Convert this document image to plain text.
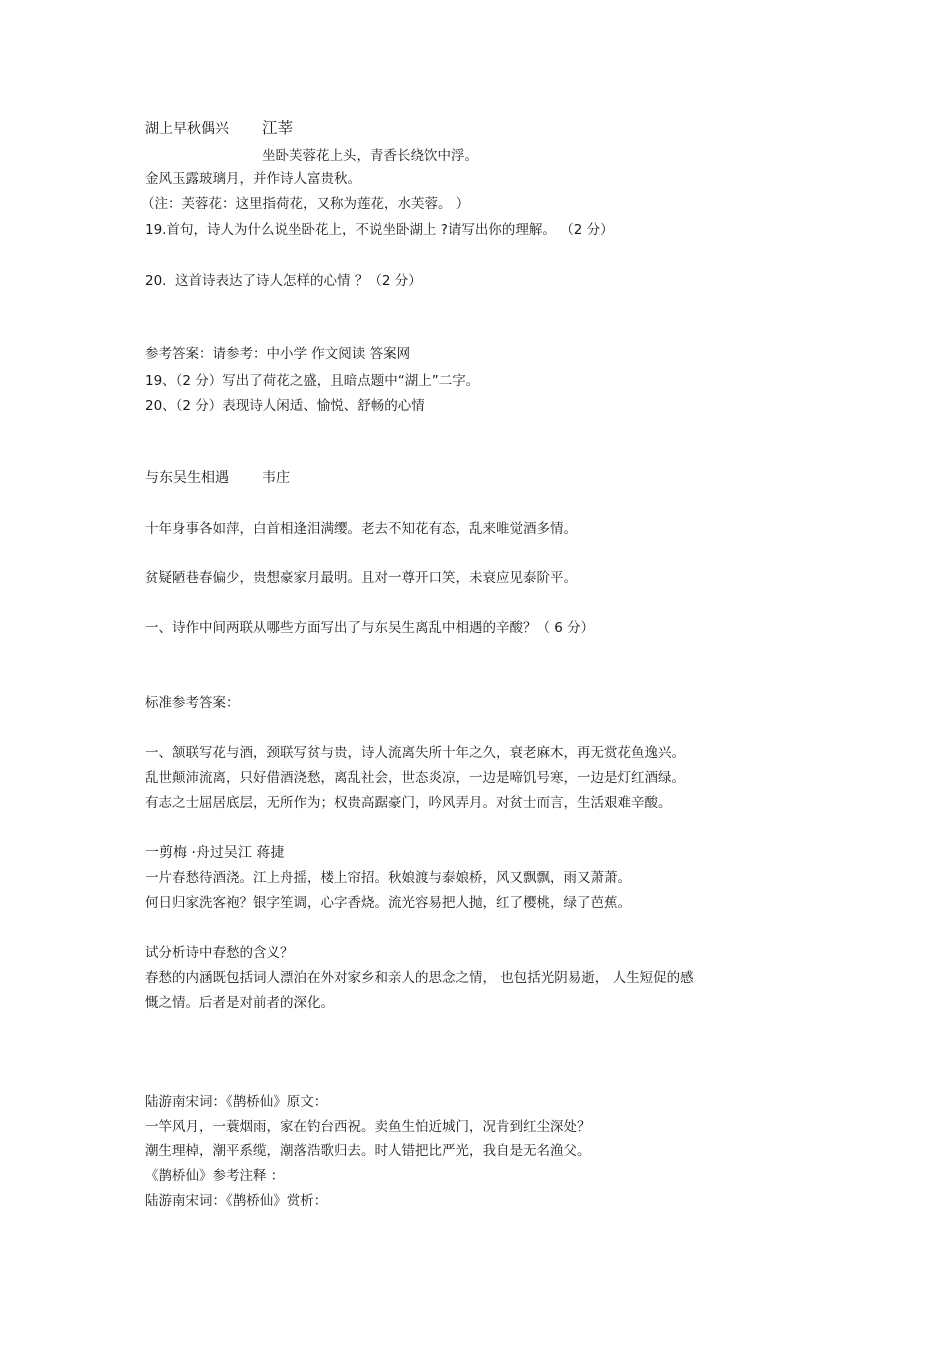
湖上早秋偶兴 江莘

坐卧芙蓉花上头，青香长绕饮中浮。

金风玉露玻璃月，并作诗人富贵秋。

（注：芙蓉花：这里指荷花，又称为莲花，水芙蓉。 ）

19.首句，诗人为什么说坐卧花上，不说坐卧湖上 ?请写出你的理解。 （2 分）

20.  这首诗表达了诗人怎样的心情 ？（2 分）

参考答案：请参考：中小学 作文阅读 答案网

19、（2 分）写出了荷花之盛，且暗点题中“湖上”二字。

20、（2 分）表现诗人闲适、愉悦、舒畅的心情

与东吴生相遇 韦庄

十年身事各如萍，白首相逢泪满缨。老去不知花有态，乱来唯觉酒多情。

贫疑陋巷春偏少，贵想豪家月最明。且对一尊开口笑，未衰应见泰阶平。

一、诗作中间两联从哪些方面写出了与东吴生离乱中相遇的辛酸？（ 6 分）

标准参考答案：

一、颔联写花与酒，颈联写贫与贵，诗人流离失所十年之久，衰老麻木，再无赏花鱼逸兴。

乱世颠沛流离，只好借酒浇愁，离乱社会，世态炎凉，一边是啼饥号寒，一边是灯红酒绿。

有志之士屈居底层，无所作为；权贵高踞豪门，吟风弄月。对贫士而言，生活艰难辛酸。

一剪梅 ·舟过吴江 蒋捷

一片春愁待酒浇。江上舟摇，楼上帘招。秋娘渡与泰娘桥，风又飘飘，雨又萧萧。

何日归家洗客袍？银字笙调，心字香烧。流光容易把人抛，红了樱桃，绿了芭蕉。

试分析诗中春愁的含义？

春愁的内涵既包括词人漂泊在外对家乡和亲人的思念之情， 也包括光阴易逝， 人生短促的感

慨之情。后者是对前者的深化。

陆游南宋词：《鹊桥仙》原文：

一竿风月，一蓑烟雨，家在钓台西祝。卖鱼生怕近城门，况肯到红尘深处？

潮生理棹，潮平系缆，潮落浩歌归去。时人错把比严光，我自是无名渔父。

《鹊桥仙》参考注释 ：

陆游南宋词：《鹊桥仙》赏析：
